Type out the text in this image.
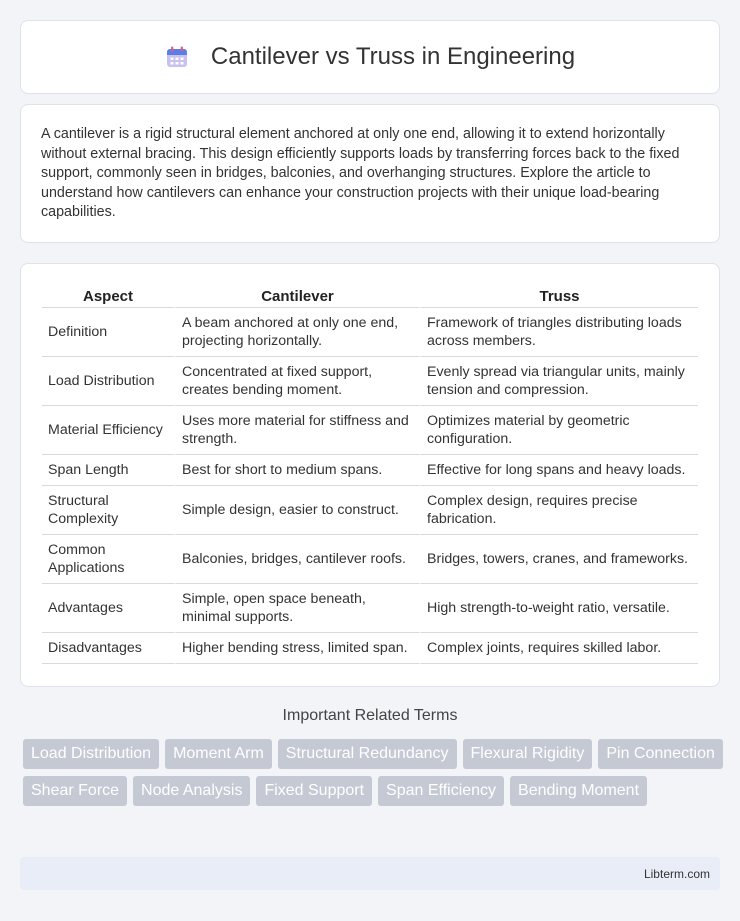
Cantilever vs Truss in Engineering

A cantilever is a rigid structural element anchored at only one end, allowing it to extend horizontally without external bracing. This design efficiently supports loads by transferring forces back to the fixed support, commonly seen in bridges, balconies, and overhanging structures. Explore the article to understand how cantilevers can enhance your construction projects with their unique load-bearing capabilities.

Aspect	Cantilever	Truss
Definition	A beam anchored at only one end, projecting horizontally.	Framework of triangles distributing loads across members.
Load Distribution	Concentrated at fixed support, creates bending moment.	Evenly spread via triangular units, mainly tension and compression.
Material Efficiency	Uses more material for stiffness and strength.	Optimizes material by geometric configuration.
Span Length	Best for short to medium spans.	Effective for long spans and heavy loads.
Structural Complexity	Simple design, easier to construct.	Complex design, requires precise fabrication.
Common Applications	Balconies, bridges, cantilever roofs.	Bridges, towers, cranes, and frameworks.
Advantages	Simple, open space beneath, minimal supports.	High strength-to-weight ratio, versatile.
Disadvantages	Higher bending stress, limited span.	Complex joints, requires skilled labor.
Important Related Terms
Load Distribution	Moment Arm	Structural Redundancy	Flexural Rigidity	Pin Connection
Shear Force	Node Analysis	Fixed Support	Span Efficiency	Bending Moment
Libterm.com
